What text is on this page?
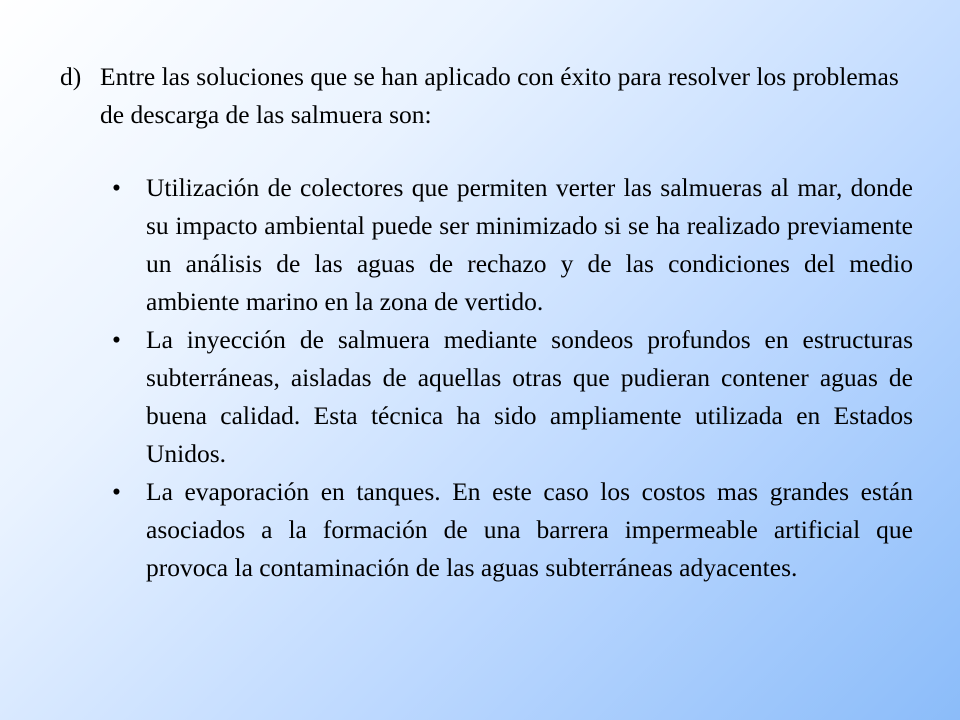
d) Entre las soluciones que se han aplicado con éxito para resolver los problemas de descarga de las salmuera son:
• Utilización de colectores que permiten verter las salmueras al mar, donde su impacto ambiental puede ser minimizado si se ha realizado previamente un análisis de las aguas de rechazo y de las condiciones del medio ambiente marino en la zona de vertido.
• La inyección de salmuera mediante sondeos profundos en estructuras subterráneas, aisladas de aquellas otras que pudieran contener aguas de buena calidad. Esta técnica ha sido ampliamente utilizada en Estados Unidos.
• La evaporación en tanques. En este caso los costos mas grandes están asociados a la formación de una barrera impermeable artificial que provoca la contaminación de las aguas subterráneas adyacentes.
